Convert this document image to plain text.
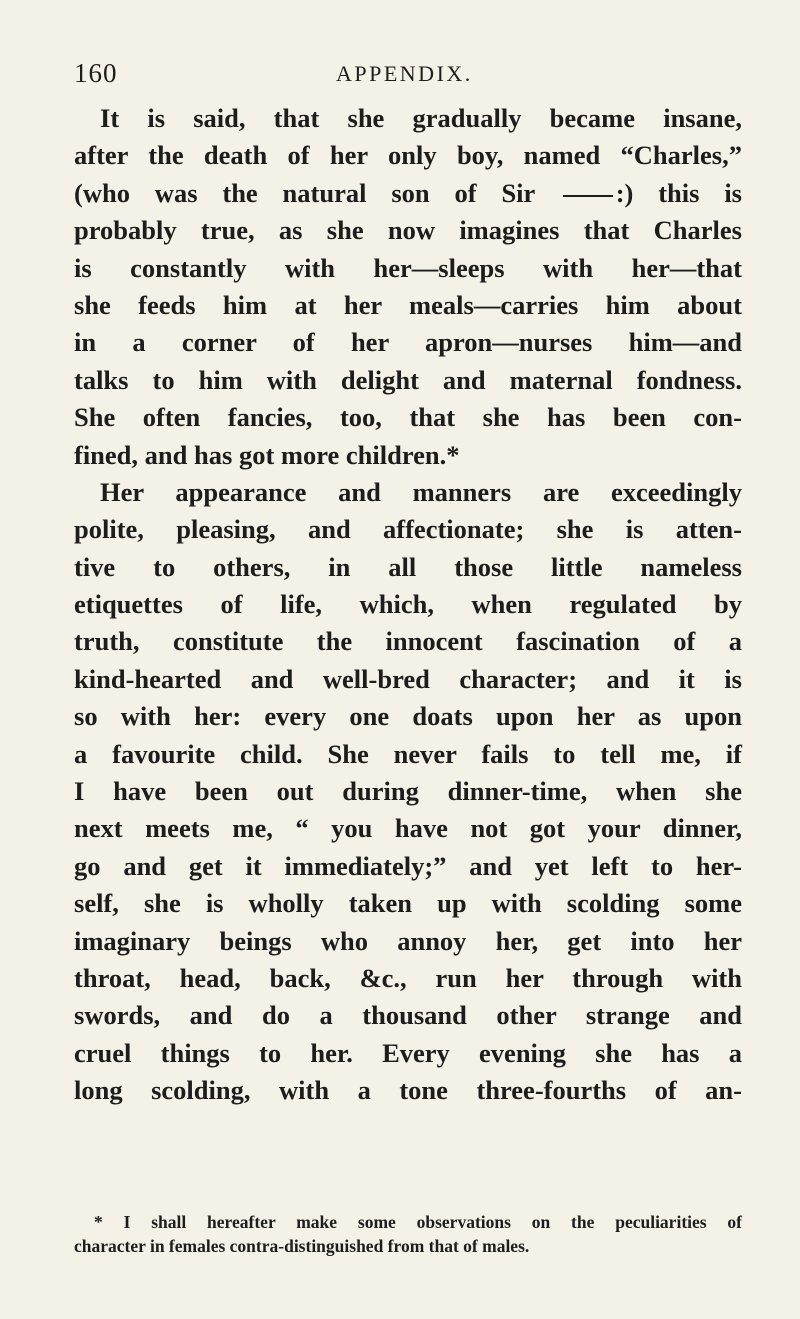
160	APPENDIX.
It is said, that she gradually became insane,
after the death of her only boy, named “Charles,”
(who was the natural son of Sir	:) this is
probably true, as she now imagines that Charles
is constantly with her—sleeps with her—that
she feeds him at her meals—carries him about
in a corner of her apron—nurses him—and
talks to him with delight and maternal fondness.
She often fancies, too, that she has been con-
fined, and has got more children.*
Her appearance and manners are exceedingly
polite, pleasing, and affectionate; she is atten-
tive to others, in all those little nameless
etiquettes of life, which, when regulated by
truth, constitute the innocent fascination of a
kind-hearted and well-bred character; and it is
so with her: every one doats upon her as upon
a favourite child. She never fails to tell me, if
I have been out during dinner-time, when she
next meets me, “ you have not got your dinner,
go and get it immediately;” and yet left to her-
self, she is wholly taken up with scolding some
imaginary beings who annoy her, get into her
throat, head, back, &c., run her through with
swords, and do a thousand other strange and
cruel things to her. Every evening she has a
long scolding, with a tone three-fourths of an-
* I shall hereafter make some observations on the peculiarities of
character in females contra-distinguished from that of males.
